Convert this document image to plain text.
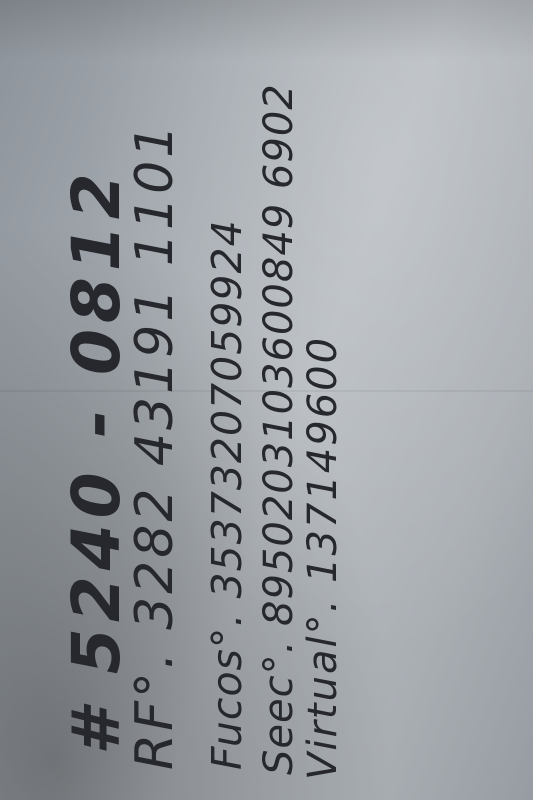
# 5240 - 0812
RF°. 3282 43191 1101 Fucos°. 35373207059924 Seec°. 8950203103600849 6902
Virtual°. 137149600
